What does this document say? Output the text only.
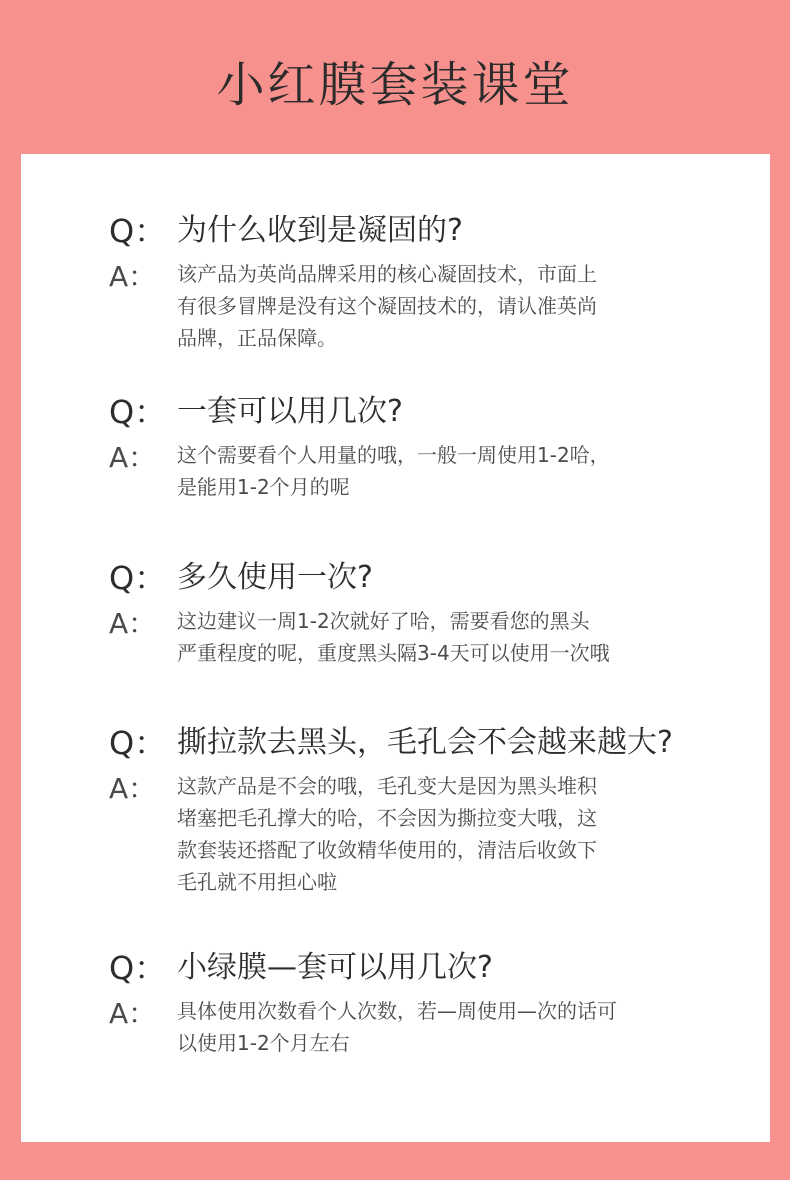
小红膜套装课堂
Q： 为什么收到是凝固的?
A：	该产品为英尚品牌采用的核心凝固技术，市面上
有很多冒牌是没有这个凝固技术的，请认准英尚
品牌，正品保障。
Q： 一套可以用几次?
A：	这个需要看个人用量的哦，一般一周使用1-2哈，
是能用1-2个月的呢
Q： 多久使用一次?
A：	这边建议一周1-2次就好了哈，需要看您的黑头
严重程度的呢，重度黑头隔3-4天可以使用一次哦
Q： 撕拉款去黑头，毛孔会不会越来越大?
A：	这款产品是不会的哦，毛孔变大是因为黑头堆积
堵塞把毛孔撑大的哈，不会因为撕拉变大哦，这
款套装还搭配了收敛精华使用的，清洁后收敛下
毛孔就不用担心啦
Q： 小绿膜—套可以用几次?
A：	具体使用次数看个人次数，若—周使用—次的话可
以使用1-2个月左右
